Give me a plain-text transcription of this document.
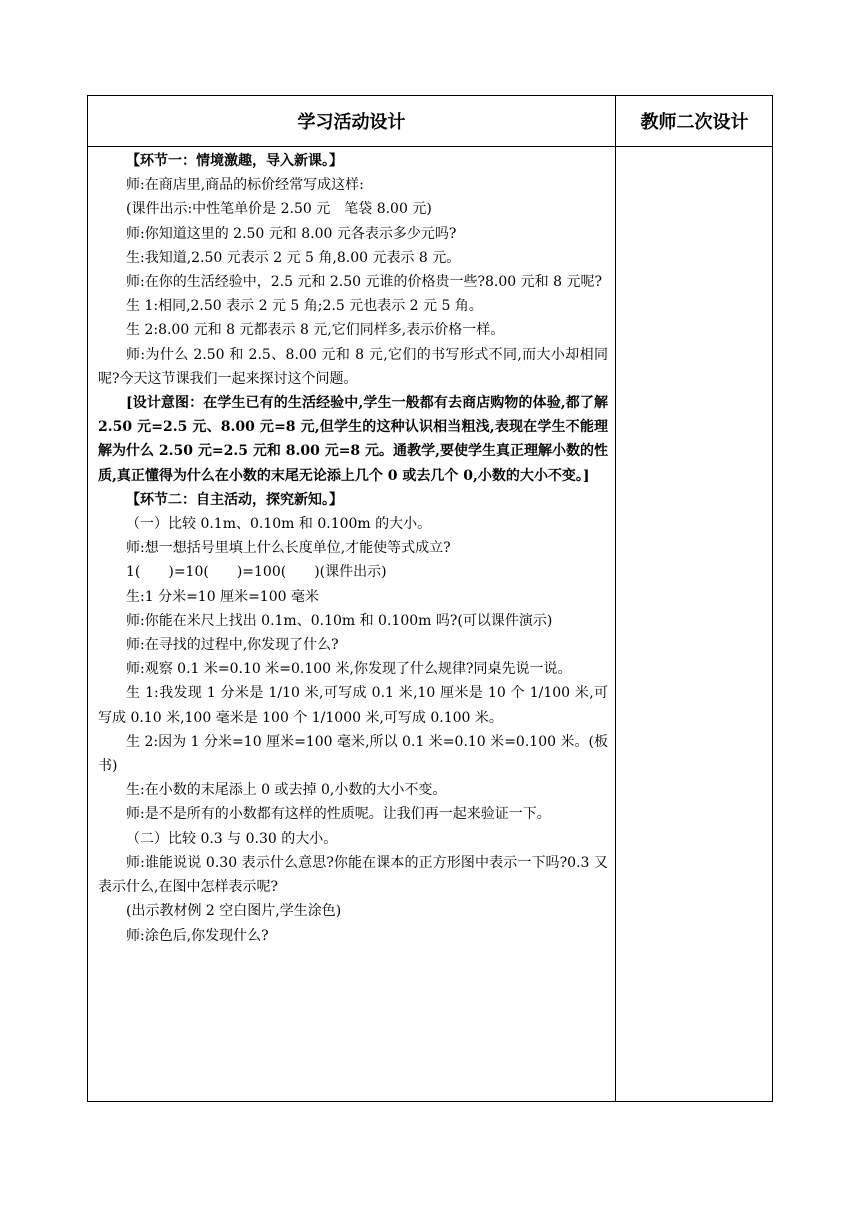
学习活动设计	教师二次设计

【环节一：情境激趣，导入新课。】

师:在商店里,商品的标价经常写成这样:

(课件出示:中性笔单价是 2.50 元　笔袋 8.00 元)

师:你知道这里的 2.50 元和 8.00 元各表示多少元吗?

生:我知道,2.50 元表示 2 元 5 角,8.00 元表示 8 元。

师:在你的生活经验中，2.5 元和 2.50 元谁的价格贵一些?8.00 元和 8 元呢?

生 1:相同,2.50 表示 2 元 5 角;2.5 元也表示 2 元 5 角。

生 2:8.00 元和 8 元都表示 8 元,它们同样多,表示价格一样。

师:为什么 2.50 和 2.5、8.00 元和 8 元,它们的书写形式不同,而大小却相同呢?今天这节课我们一起来探讨这个问题。

[设计意图：在学生已有的生活经验中,学生一般都有去商店购物的体验,都了解 2.50 元=2.5 元、8.00 元=8 元,但学生的这种认识相当粗浅,表现在学生不能理解为什么 2.50 元=2.5 元和 8.00 元=8 元。通教学,要使学生真正理解小数的性质,真正懂得为什么在小数的末尾无论添上几个 0 或去几个 0,小数的大小不变。]

【环节二：自主活动，探究新知。】

（一）比较 0.1m、0.10m 和 0.100m 的大小。

师:想一想括号里填上什么长度单位,才能使等式成立?

1(　　)=10(　　)=100(　　)(课件出示)

生:1 分米=10 厘米=100 毫米

师:你能在米尺上找出 0.1m、0.10m 和 0.100m 吗?(可以课件演示)

师:在寻找的过程中,你发现了什么?

师:观察 0.1 米=0.10 米=0.100 米,你发现了什么规律?同桌先说一说。

生 1:我发现 1 分米是 1/10 米,可写成 0.1 米,10 厘米是 10 个 1/100 米,可写成 0.10 米,100 毫米是 100 个 1/1000 米,可写成 0.100 米。

生 2:因为 1 分米=10 厘米=100 毫米,所以 0.1 米=0.10 米=0.100 米。(板书)

生:在小数的末尾添上 0 或去掉 0,小数的大小不变。

师:是不是所有的小数都有这样的性质呢。让我们再一起来验证一下。

（二）比较 0.3 与 0.30 的大小。

师:谁能说说 0.30 表示什么意思?你能在课本的正方形图中表示一下吗?0.3 又表示什么,在图中怎样表示呢?

(出示教材例 2 空白图片,学生涂色)

师:涂色后,你发现什么?
